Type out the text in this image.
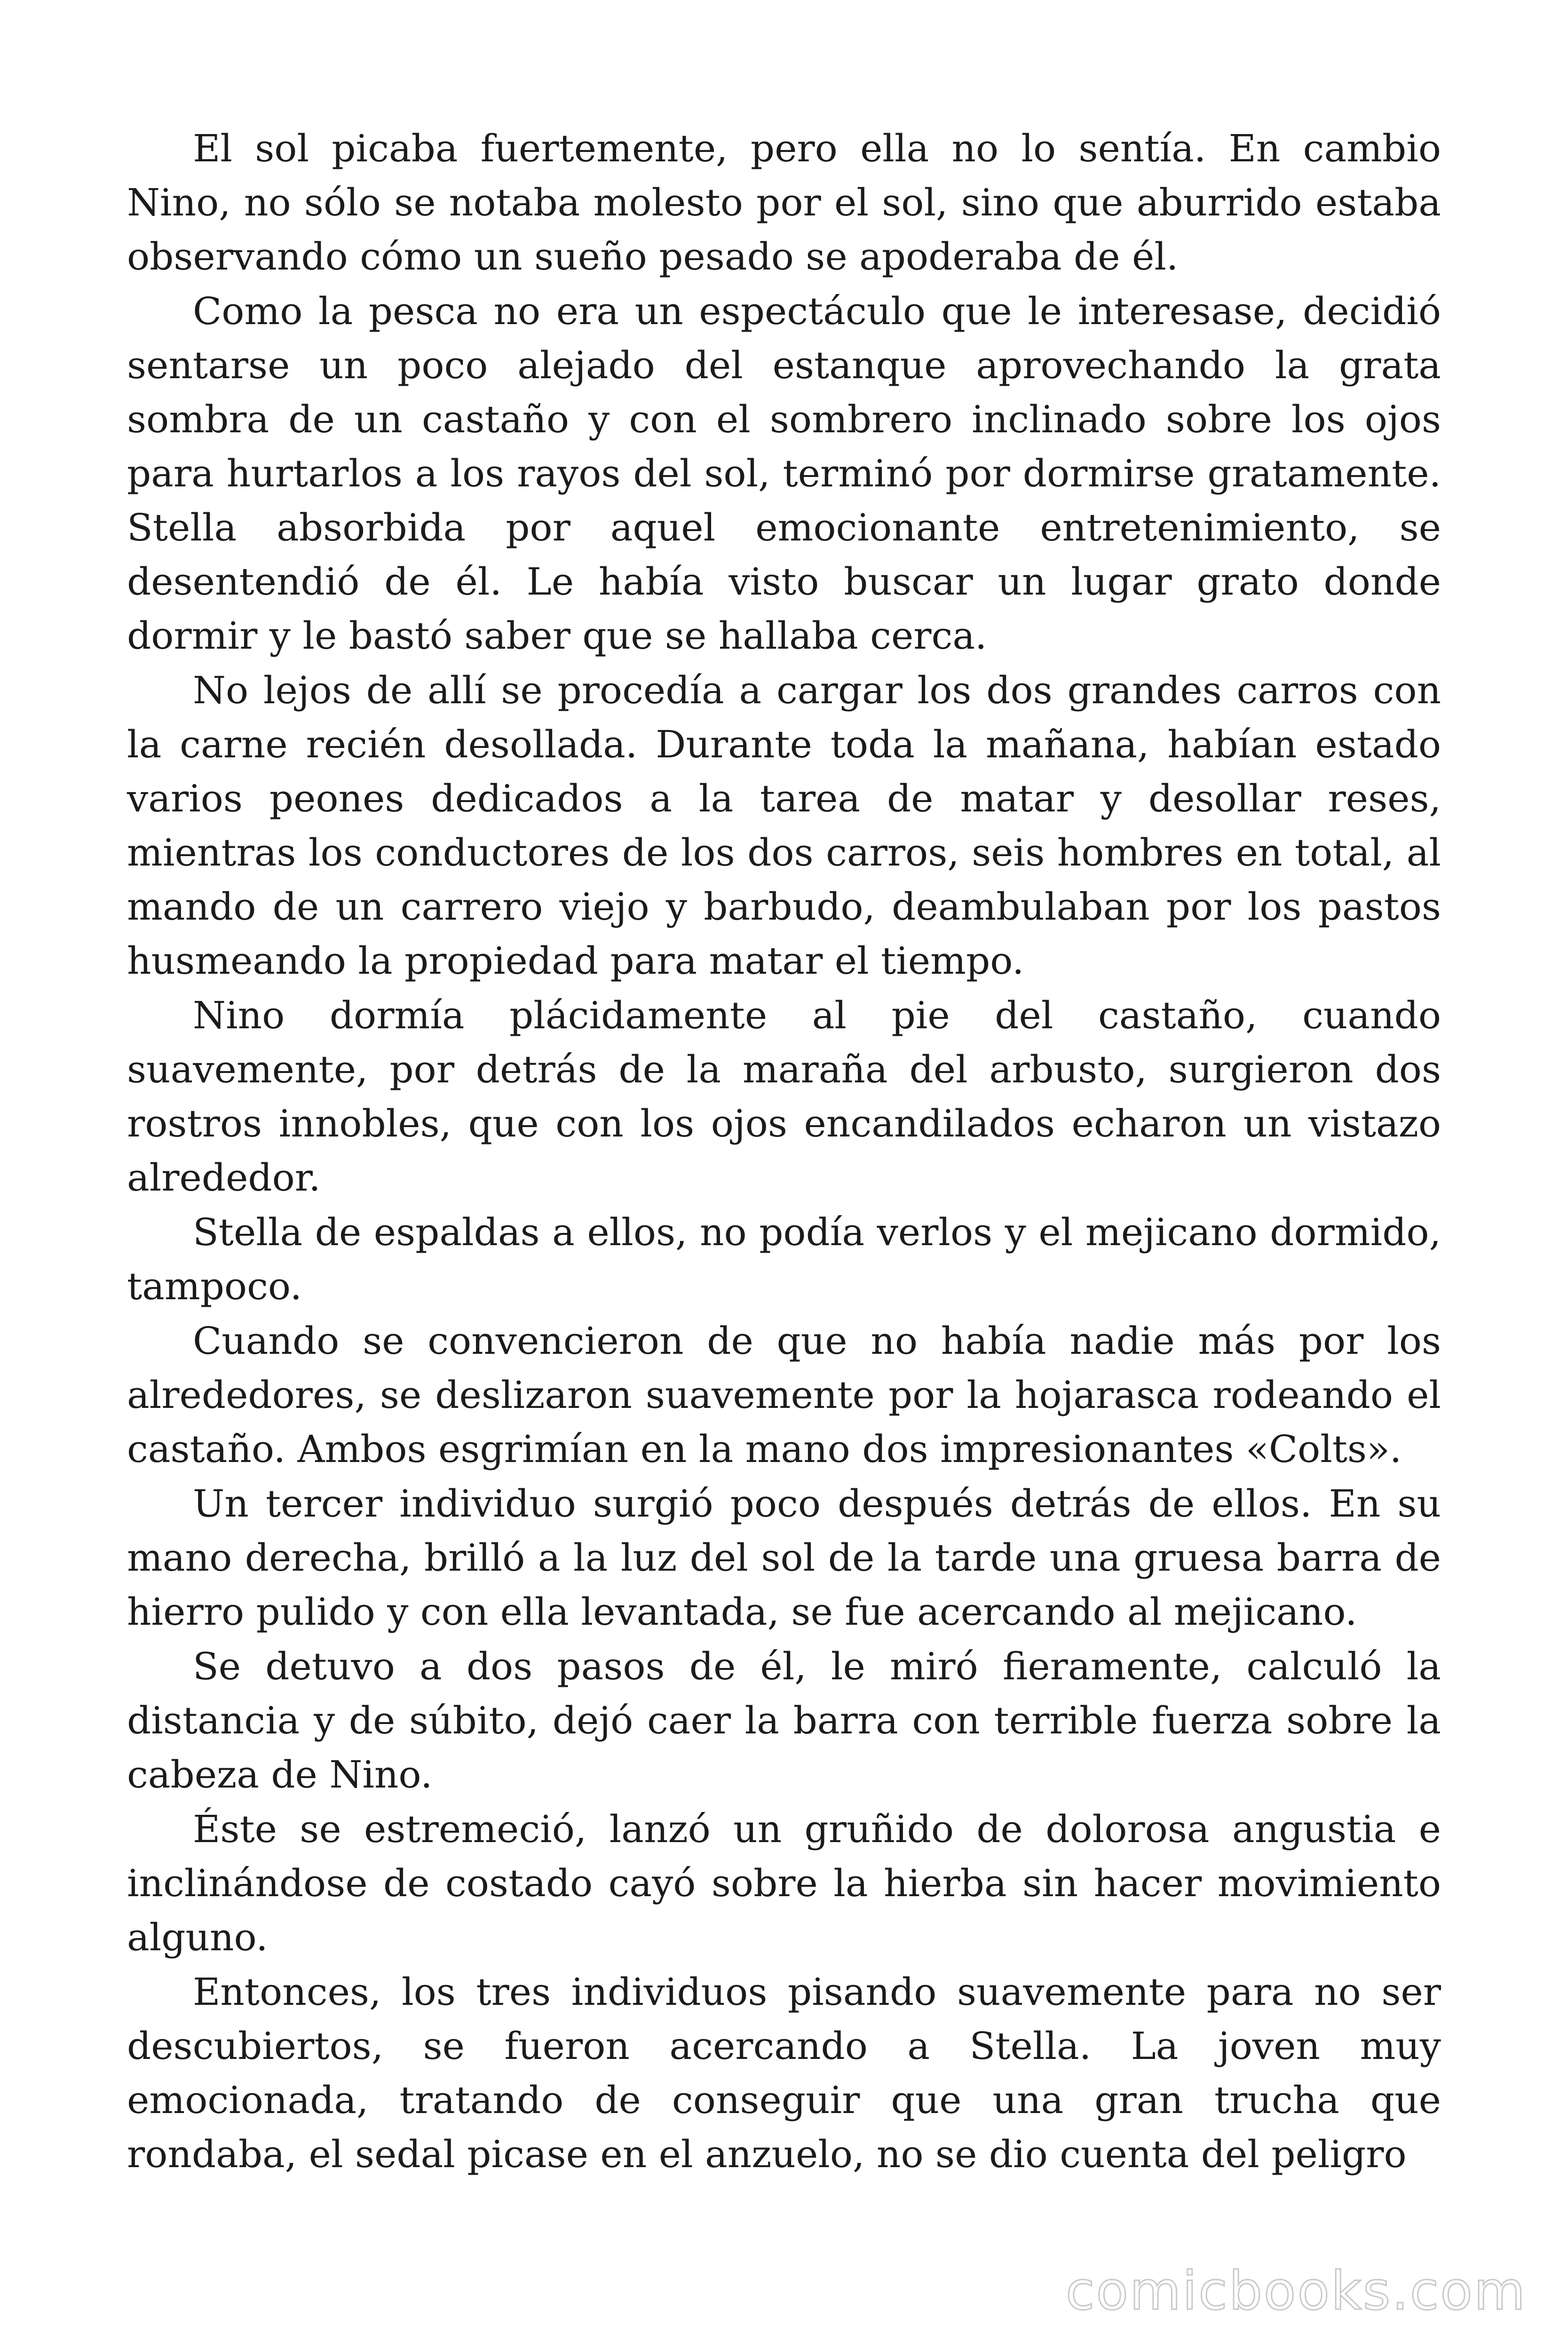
El sol picaba fuertemente, pero ella no lo sentía. En cambio Nino, no sólo se notaba molesto por el sol, sino que aburrido estaba observando cómo un sueño pesado se apoderaba de él.

Como la pesca no era un espectáculo que le interesase, decidió sentarse un poco alejado del estanque aprovechando la grata sombra de un castaño y con el sombrero inclinado sobre los ojos para hurtarlos a los rayos del sol, terminó por dormirse gratamente. Stella absorbida por aquel emocionante entretenimiento, se desentendió de él. Le había visto buscar un lugar grato donde dormir y le bastó saber que se hallaba cerca.

No lejos de allí se procedía a cargar los dos grandes carros con la carne recién desollada. Durante toda la mañana, habían estado varios peones dedicados a la tarea de matar y desollar reses, mientras los conductores de los dos carros, seis hombres en total, al mando de un carrero viejo y barbudo, deambulaban por los pastos husmeando la propiedad para matar el tiempo.

Nino dormía plácidamente al pie del castaño, cuando suavemente, por detrás de la maraña del arbusto, surgieron dos rostros innobles, que con los ojos encandilados echaron un vistazo alrededor.

Stella de espaldas a ellos, no podía verlos y el mejicano dormido, tampoco.

Cuando se convencieron de que no había nadie más por los alrededores, se deslizaron suavemente por la hojarasca rodeando el castaño. Ambos esgrimían en la mano dos impresionantes «Colts».

Un tercer individuo surgió poco después detrás de ellos. En su mano derecha, brilló a la luz del sol de la tarde una gruesa barra de hierro pulido y con ella levantada, se fue acercando al mejicano.

Se detuvo a dos pasos de él, le miró fieramente, calculó la distancia y de súbito, dejó caer la barra con terrible fuerza sobre la cabeza de Nino.

Éste se estremeció, lanzó un gruñido de dolorosa angustia e inclinándose de costado cayó sobre la hierba sin hacer movimiento alguno.

Entonces, los tres individuos pisando suavemente para no ser descubiertos, se fueron acercando a Stella. La joven muy emocionada, tratando de conseguir que una gran trucha que rondaba, el sedal picase en el anzuelo, no se dio cuenta del peligro

comicbooks.com
